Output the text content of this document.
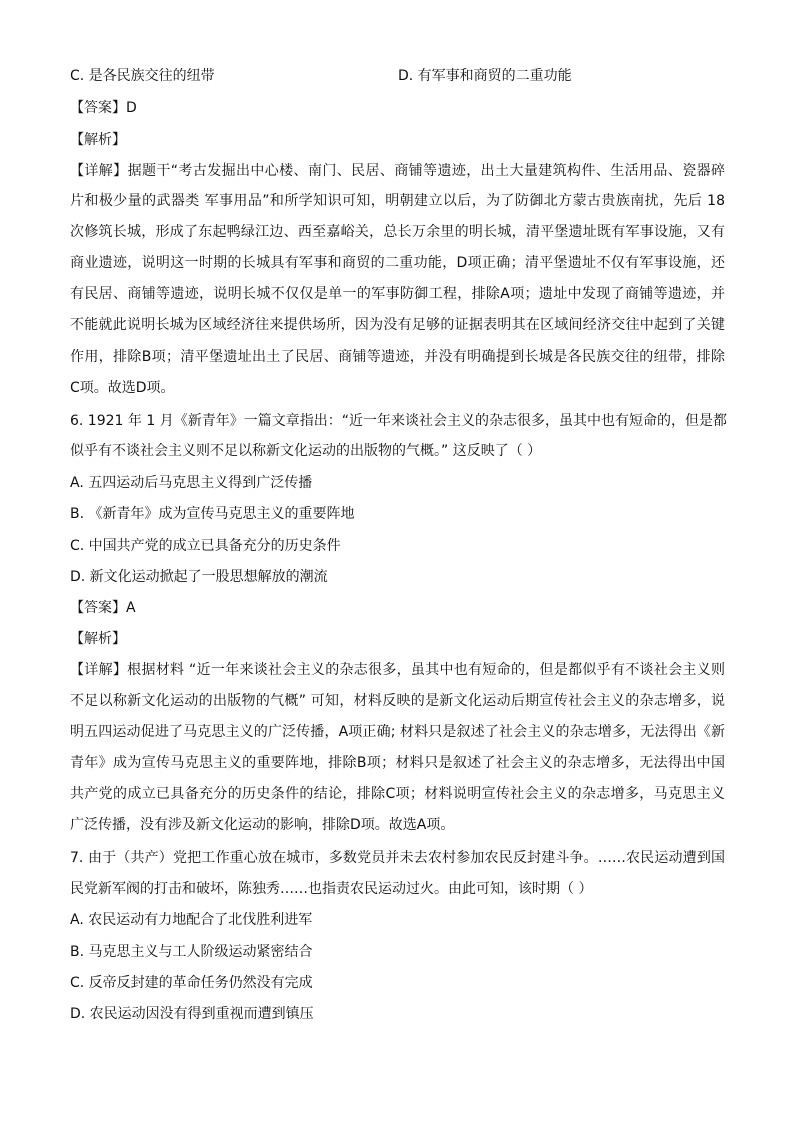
C. 是各民族交往的纽带	D. 有军事和商贸的二重功能
【答案】D
【解析】
【详解】据题干“考古发掘出中心楼、南门、民居、商铺等遗迹，出土大量建筑构件、生活用品、瓷器碎
片和极少量的武器类 军事用品”和所学知识可知，明朝建立以后，为了防御北方蒙古贵族南扰，先后 18
次修筑长城，形成了东起鸭绿江边、西至嘉峪关，总长万余里的明长城，清平堡遗址既有军事设施，又有
商业遗迹，说明这一时期的长城具有军事和商贸的二重功能，D项正确；清平堡遗址不仅有军事设施，还
有民居、商铺等遗迹，说明长城不仅仅是单一的军事防御工程，排除A项；遗址中发现了商铺等遗迹，并
不能就此说明长城为区域经济往来提供场所，因为没有足够的证据表明其在区域间经济交往中起到了关键
作用，排除B项；清平堡遗址出土了民居、商铺等遗迹，并没有明确提到长城是各民族交往的纽带，排除
C项。故选D项。
6. 1921 年 1 月《新青年》一篇文章指出：“近一年来谈社会主义的杂志很多，虽其中也有短命的，但是都
似乎有不谈社会主义则不足以称新文化运动的出版物的气概。” 这反映了（ ）
A. 五四运动后马克思主义得到广泛传播
B. 《新青年》成为宣传马克思主义的重要阵地
C. 中国共产党的成立已具备充分的历史条件
D. 新文化运动掀起了一股思想解放的潮流
【答案】A
【解析】
【详解】根据材料 “近一年来谈社会主义的杂志很多，虽其中也有短命的，但是都似乎有不谈社会主义则
不足以称新文化运动的出版物的气概” 可知，材料反映的是新文化运动后期宣传社会主义的杂志增多，说
明五四运动促进了马克思主义的广泛传播，A项正确; 材料只是叙述了社会主义的杂志增多，无法得出《新
青年》成为宣传马克思主义的重要阵地，排除B项；材料只是叙述了社会主义的杂志增多，无法得出中国
共产党的成立已具备充分的历史条件的结论，排除C项；材料说明宣传社会主义的杂志增多，马克思主义
广泛传播，没有涉及新文化运动的影响，排除D项。故选A项。
7. 由于（共产）党把工作重心放在城市，多数党员并未去农村参加农民反封建斗争。……农民运动遭到国
民党新军阀的打击和破坏，陈独秀……也指责农民运动过火。由此可知，该时期（ ）
A. 农民运动有力地配合了北伐胜利进军
B. 马克思主义与工人阶级运动紧密结合
C. 反帝反封建的革命任务仍然没有完成
D. 农民运动因没有得到重视而遭到镇压
